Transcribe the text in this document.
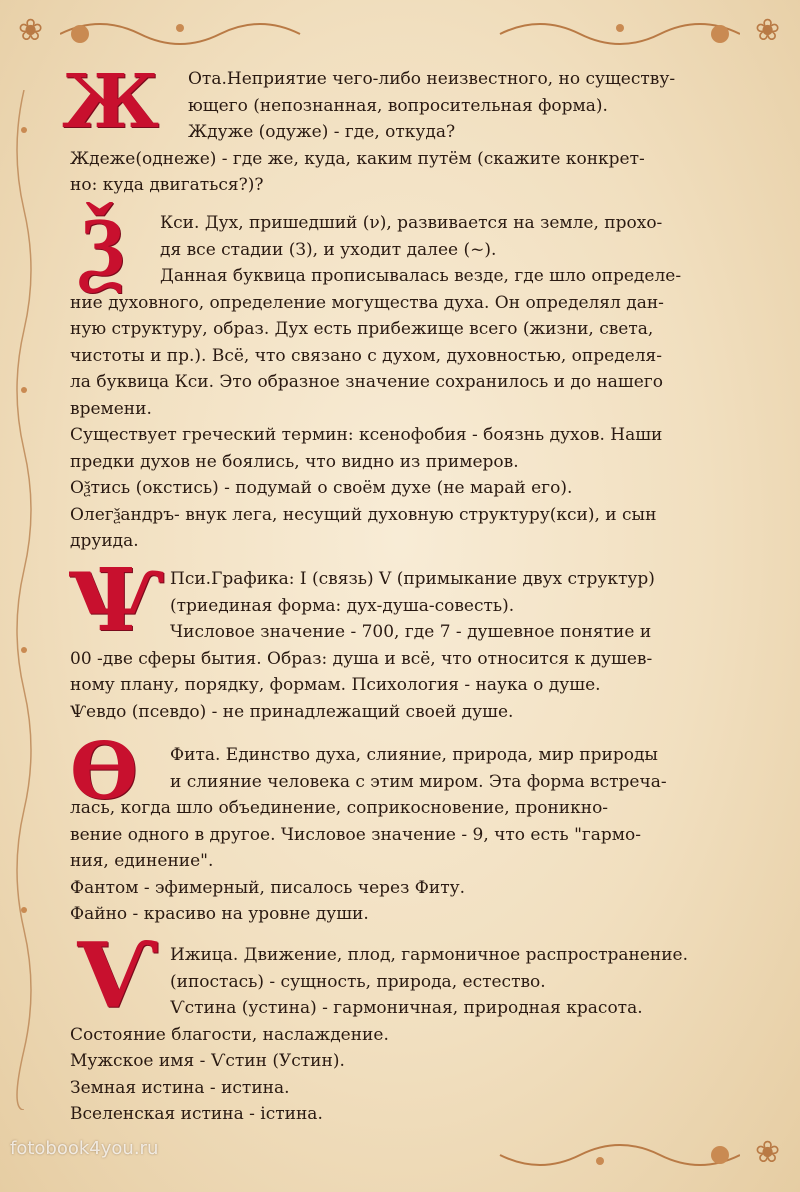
❀	❀
❀
Ж	Ота.Неприятие чего-либо неизвестного, но существу-
ющего (непознанная, вопросительная форма).
Ждуже (одуже) - где, откуда?
Ждеже(однеже) - где же, куда, каким путём (скажите конкрет-
но: куда двигаться?)?
Ѯ	Кси. Дух, пришедший (ν), развивается на земле, прохо-
дя все стадии (З), и уходит далее (~).
Данная буквица прописывалась везде, где шло определе-
ние духовного, определение могущества духа. Он определял дан-
ную структуру, образ. Дух есть прибежище всего (жизни, света,
чистоты и пр.). Всё, что связано с духом, духовностью, определя-
ла буквица Кси. Это образное значение сохранилось и до нашего
времени.
Существует греческий термин: ксенофобия - боязнь духов. Наши
предки духов не боялись, что видно из примеров.
Оѯтись (окстись) - подумай о своём духе (не марай его).
Олегѯандръ- внук лега, несущий духовную структуру(кси), и сын
друида.
Ѱ Пси.Графика: I (связь) V (примыкание двух структур)
(триединая форма: дух-душа-совесть).
Числовое значение - 700, где 7 - душевное понятие и
00 -две сферы бытия. Образ: душа и всё, что относится к душев-
ному плану, порядку, формам. Психология - наука о душе.
Ѱевдо (псевдо) - не принадлежащий своей душе.
Ѳ	Фита. Единство духа, слияние, природа, мир природы
и слияние человека с этим миром. Эта форма встреча-
лась, когда шло объединение, соприкосновение, проникно-
вение одного в другое. Числовое значение - 9, что есть "гармо-
ния, единение".
Фантом - эфимерный, писалось через Фиту.
Файно - красиво на уровне души.
Ѵ Ижица. Движение, плод, гармоничное распространение.
(ипостась) - сущность, природа, естество.
Ѵстина (устина) - гармоничная, природная красота.
Состояние благости, наслаждение.
Мужское имя - Ѵстин (Устин).
Земная истина - истина.
Вселенская истина - істина.
fotobook4you.ru
